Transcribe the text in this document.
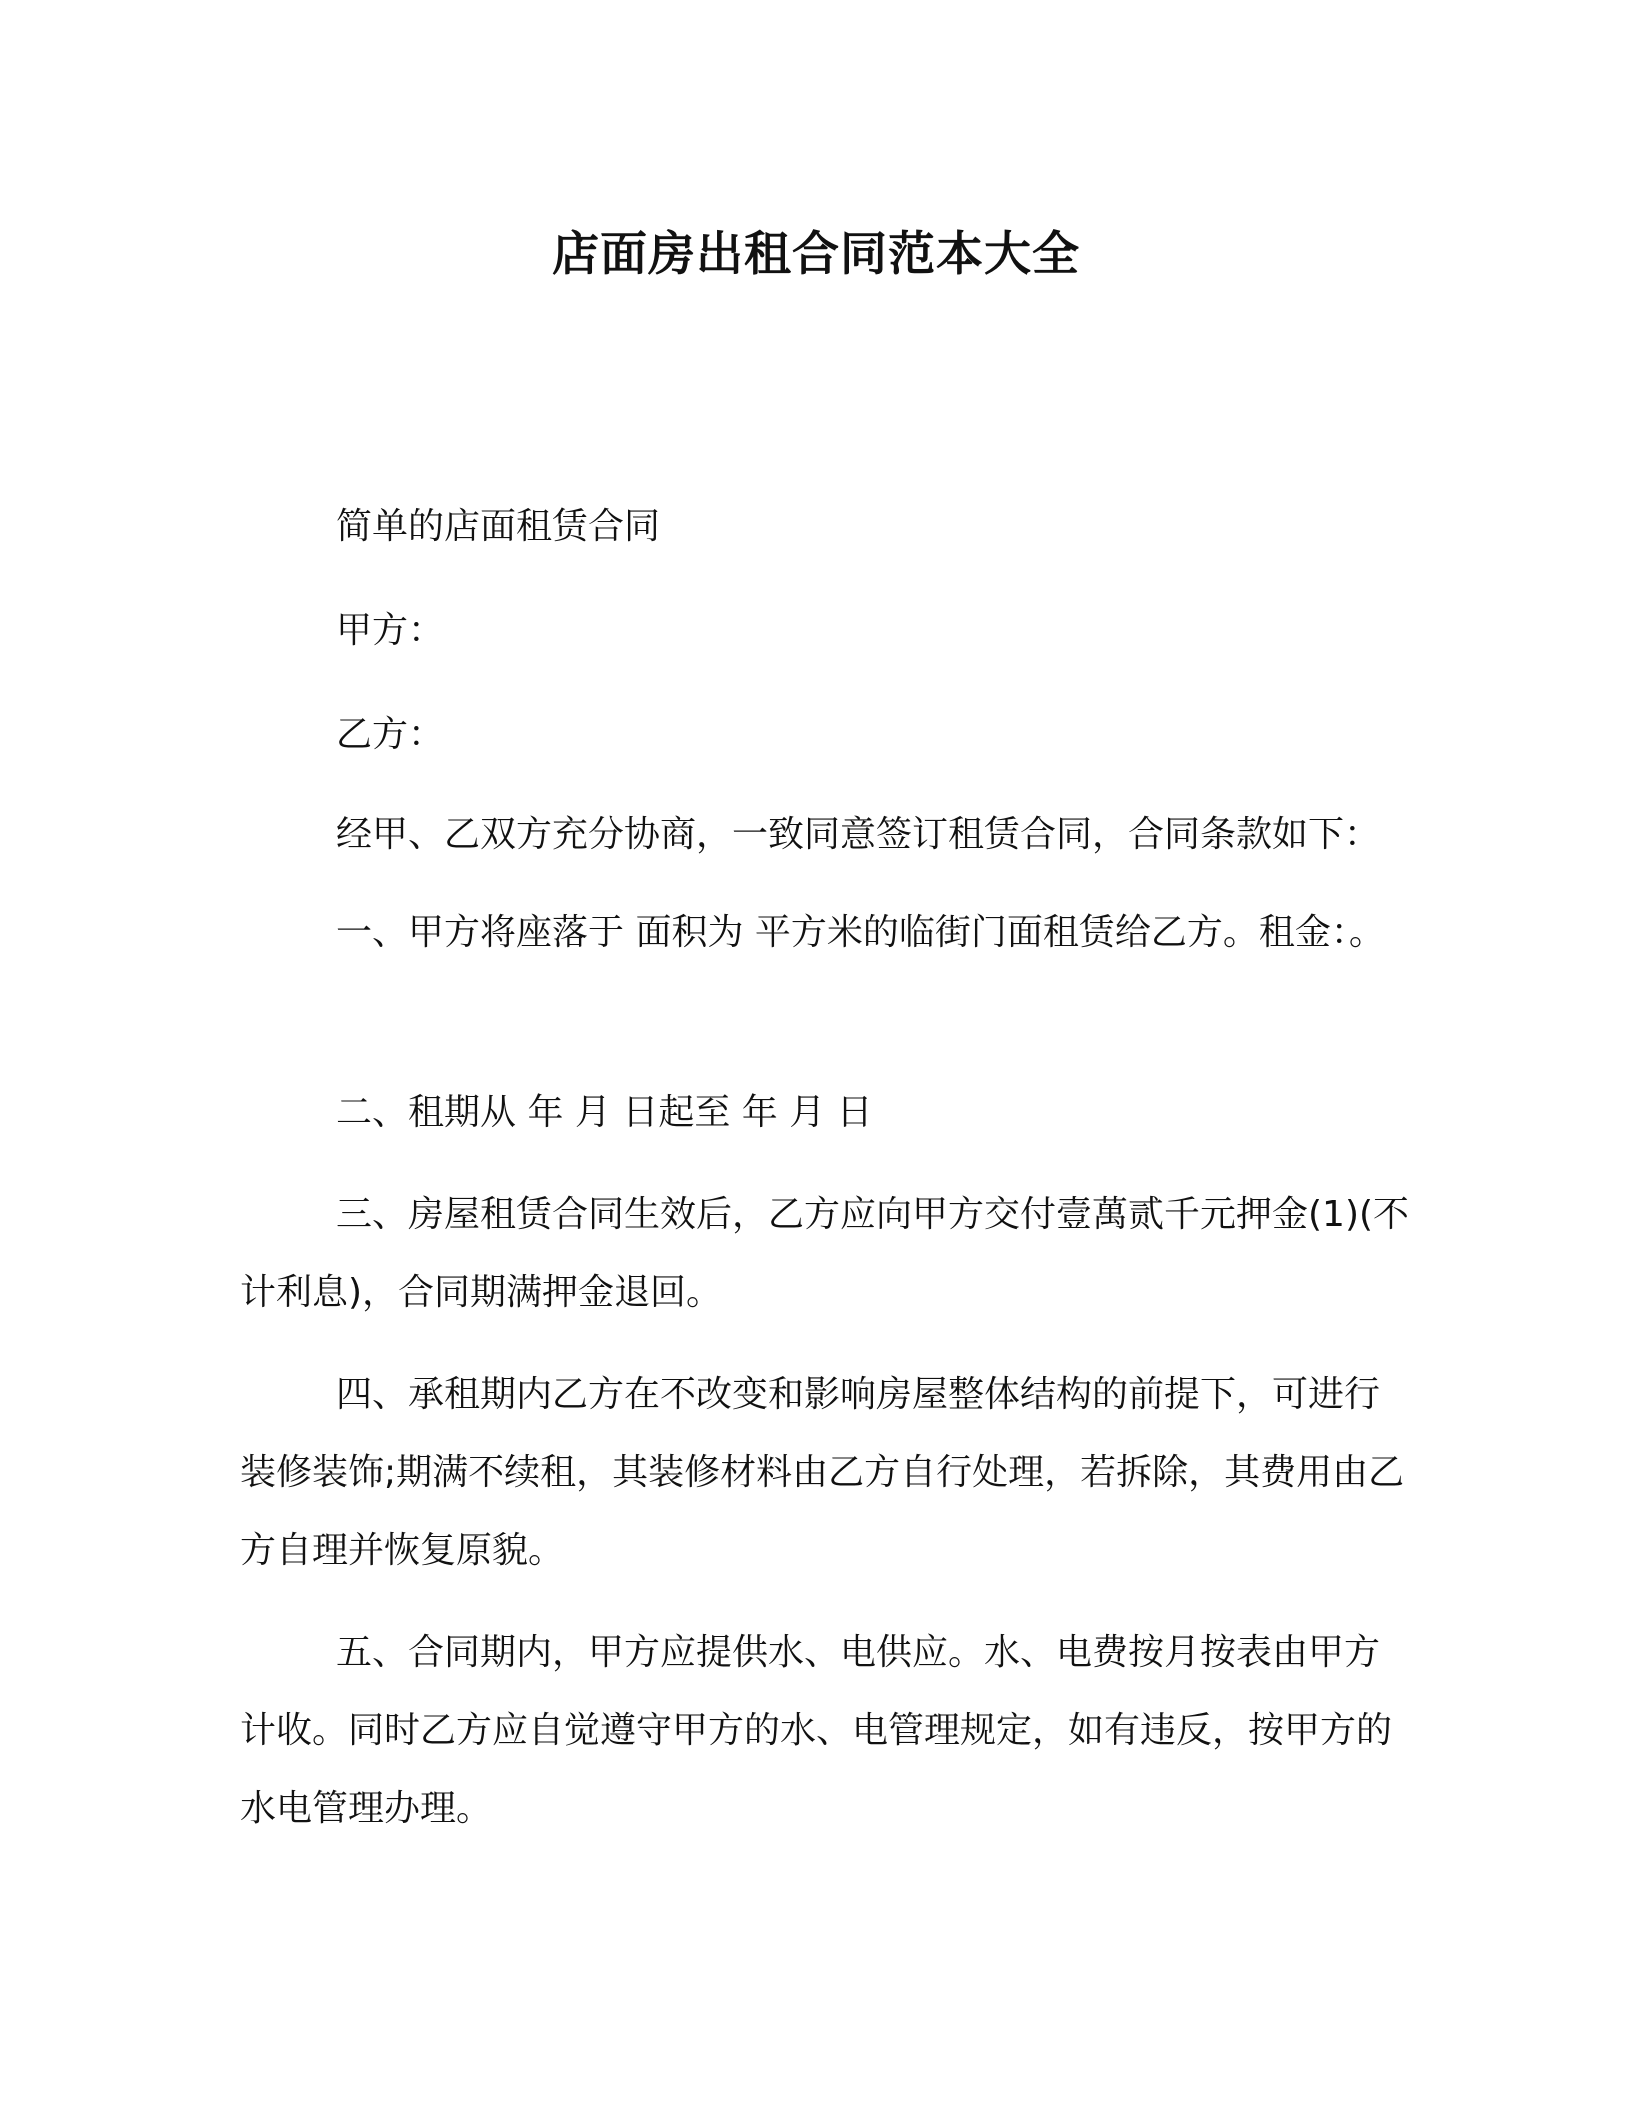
店面房出租合同范本大全

简单的店面租赁合同

甲方：

乙方：

经甲、乙双方充分协商，一致同意签订租赁合同，合同条款如下：

一、甲方将座落于 面积为 平方米的临街门面租赁给乙方。租金：。

二、租期从 年 月 日起至 年 月 日

三、房屋租赁合同生效后，乙方应向甲方交付壹萬贰千元押金(1)(不计利息)，合同期满押金退回。

四、承租期内乙方在不改变和影响房屋整体结构的前提下，可进行装修装饰;期满不续租，其装修材料由乙方自行处理，若拆除，其费用由乙方自理并恢复原貌。

五、合同期内，甲方应提供水、电供应。水、电费按月按表由甲方计收。同时乙方应自觉遵守甲方的水、电管理规定，如有违反，按甲方的水电管理办理。
